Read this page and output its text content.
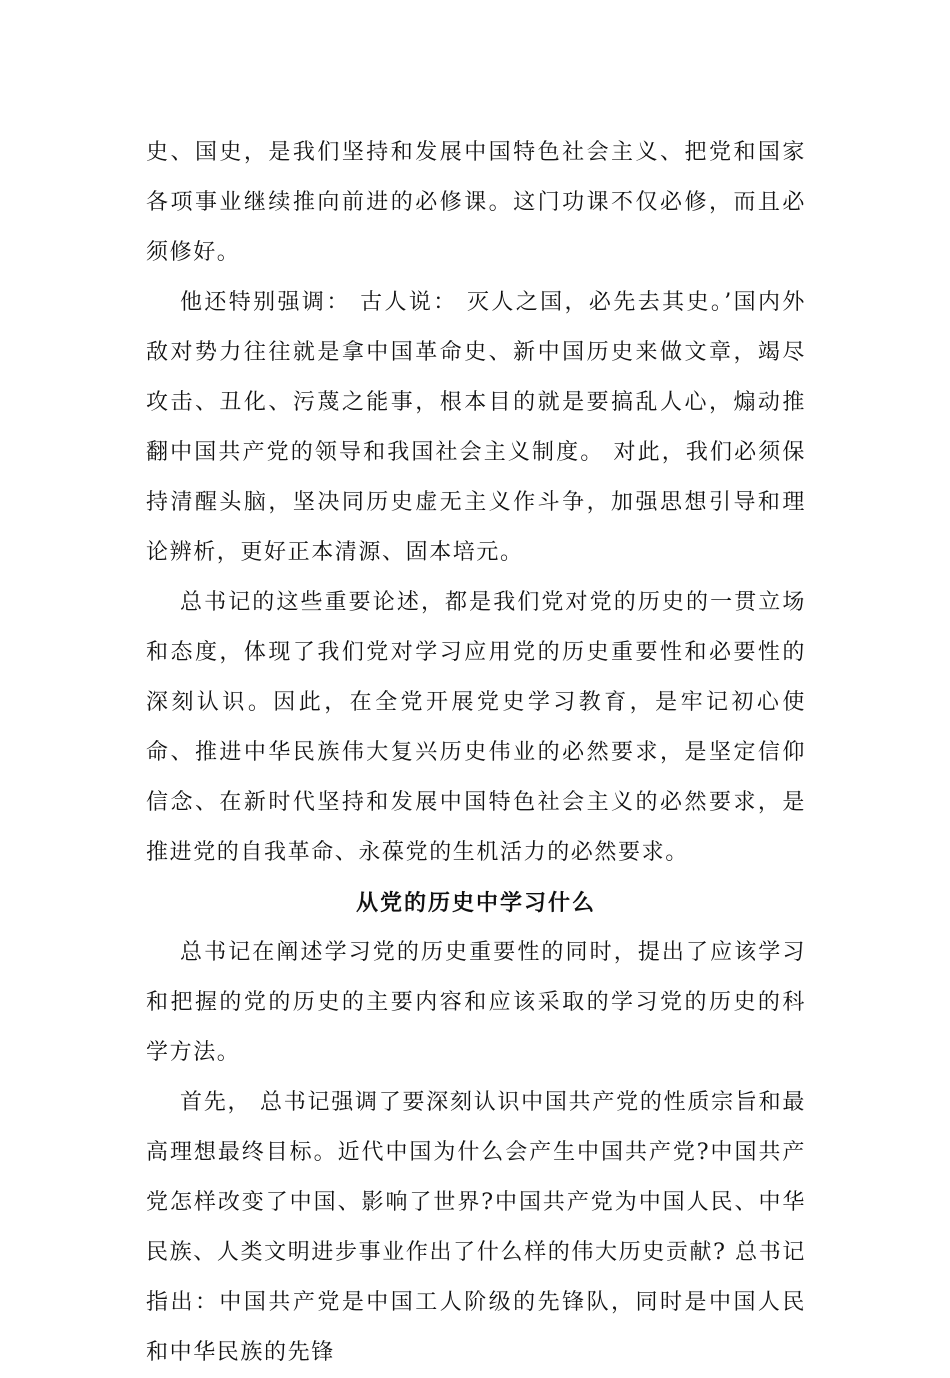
史、国史，是我们坚持和发展中国特色社会主义、把党和国家各项事业继续推向前进的必修课。这门功课不仅必修，而且必须修好。

他还特别强调： 古人说： 灭人之国，必先去其史。’国内外敌对势力往往就是拿中国革命史、新中国历史来做文章，竭尽攻击、丑化、污蔑之能事，根本目的就是要搞乱人心，煽动推翻中国共产党的领导和我国社会主义制度。 对此，我们必须保持清醒头脑，坚决同历史虚无主义作斗争，加强思想引导和理论辨析，更好正本清源、固本培元。

总书记的这些重要论述，都是我们党对党的历史的一贯立场和态度，体现了我们党对学习应用党的历史重要性和必要性的深刻认识。因此，在全党开展党史学习教育，是牢记初心使命、推进中华民族伟大复兴历史伟业的必然要求，是坚定信仰信念、在新时代坚持和发展中国特色社会主义的必然要求，是推进党的自我革命、永葆党的生机活力的必然要求。

从党的历史中学习什么

总书记在阐述学习党的历史重要性的同时，提出了应该学习和把握的党的历史的主要内容和应该采取的学习党的历史的科学方法。

首先， 总书记强调了要深刻认识中国共产党的性质宗旨和最高理想最终目标。近代中国为什么会产生中国共产党?中国共产党怎样改变了中国、影响了世界?中国共产党为中国人民、中华民族、人类文明进步事业作出了什么样的伟大历史贡献? 总书记指出：中国共产党是中国工人阶级的先锋队，同时是中国人民和中华民族的先锋
